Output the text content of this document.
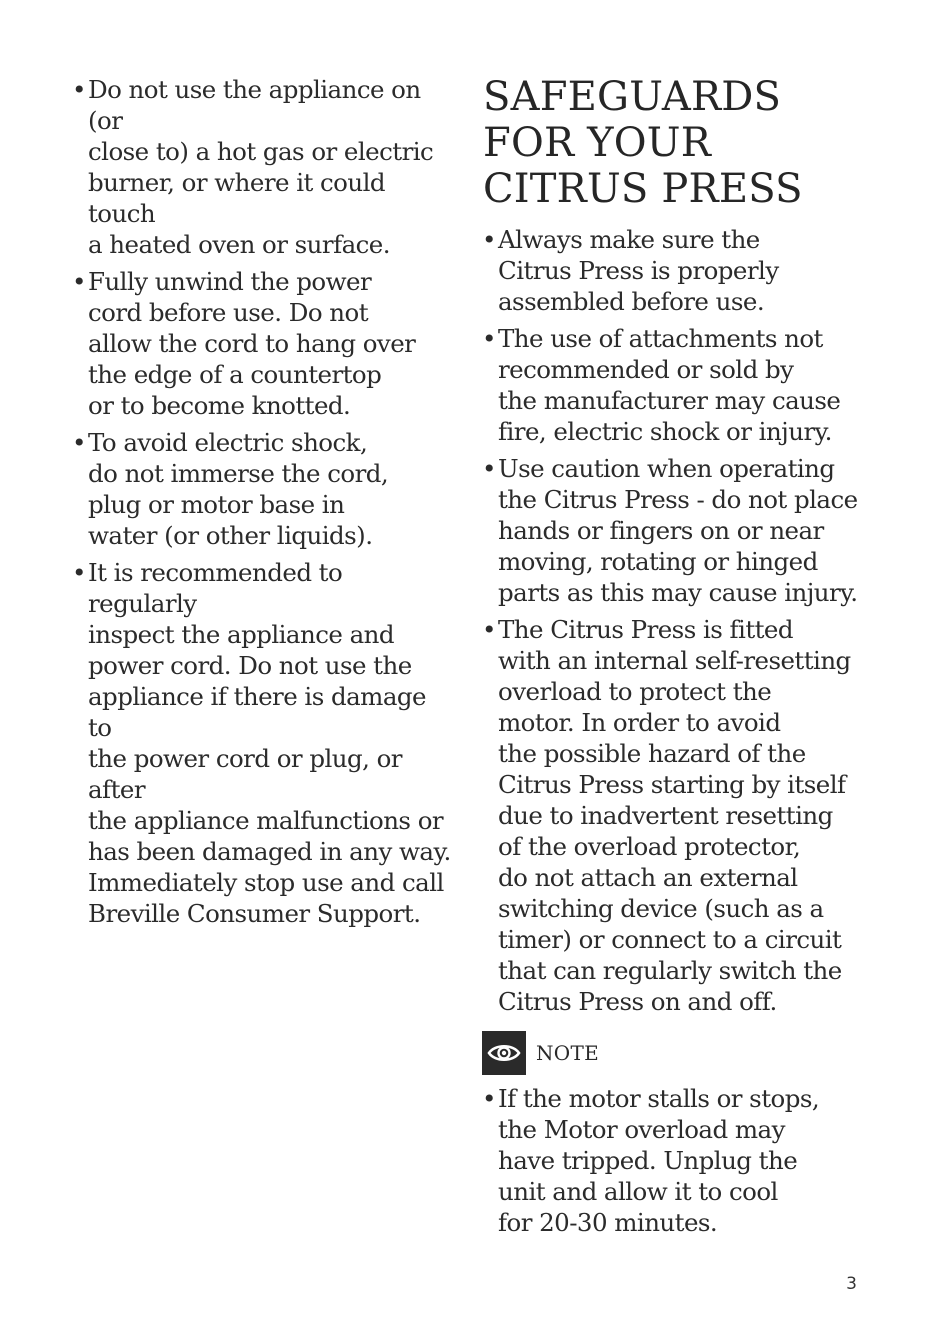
• Do not use the appliance on (or
close to) a hot gas or electric
burner, or where it could touch
a heated oven or surface.
• Fully unwind the power
cord before use. Do not
allow the cord to hang over
the edge of a countertop
or to become knotted.
• To avoid electric shock,
do not immerse the cord,
plug or motor base in
water (or other liquids).
• It is recommended to regularly
inspect the appliance and
power cord. Do not use the
appliance if there is damage to
the power cord or plug, or after
the appliance malfunctions or
has been damaged in any way.
Immediately stop use and call
Breville Consumer Support.
SAFEGUARDS
FOR YOUR
CITRUS PRESS
• Always make sure the
Citrus Press is properly
assembled before use.
• The use of attachments not
recommended or sold by
the manufacturer may cause
fire, electric shock or injury.
• Use caution when operating
the Citrus Press - do not place
hands or fingers on or near
moving, rotating or hinged
parts as this may cause injury.
• The Citrus Press is fitted
with an internal self-resetting
overload to protect the
motor. In order to avoid
the possible hazard of the
Citrus Press starting by itself
due to inadvertent resetting
of the overload protector,
do not attach an external
switching device (such as a
timer) or connect to a circuit
that can regularly switch the
Citrus Press on and off.
NOTE
• If the motor stalls or stops,
the Motor overload may
have tripped. Unplug the
unit and allow it to cool
for 20-30 minutes.
3
